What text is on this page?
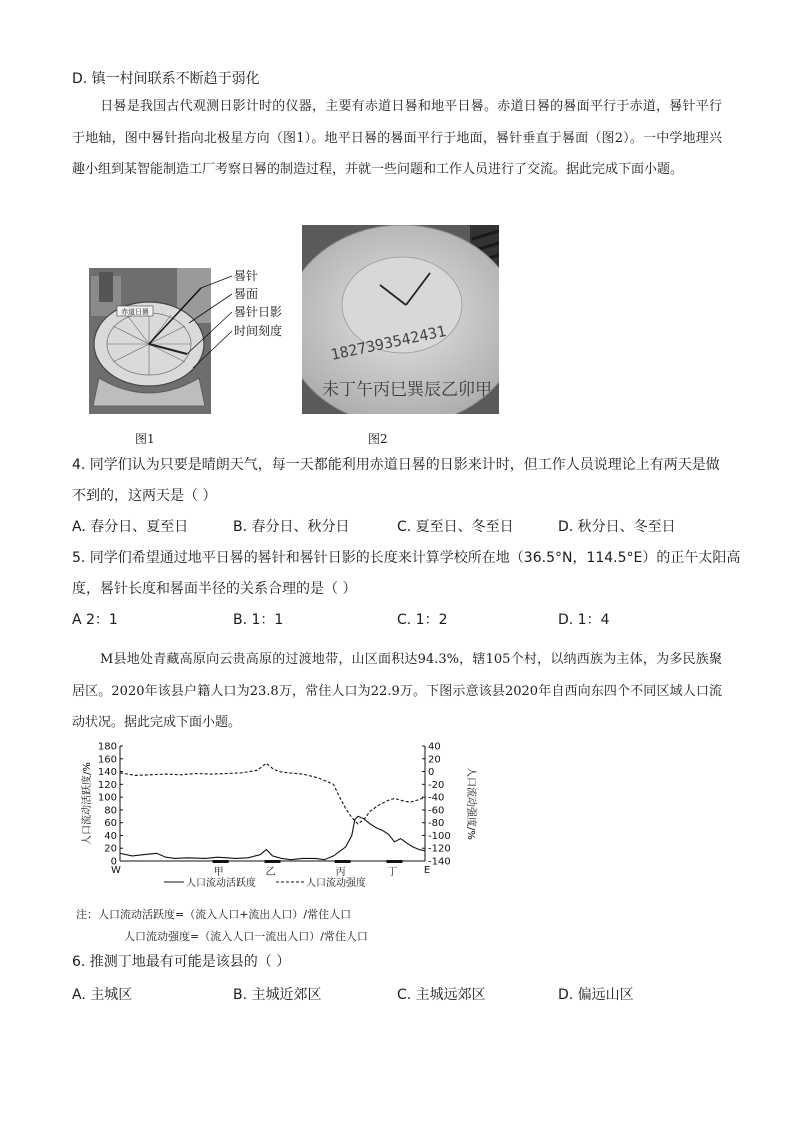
D. 镇一村间联系不断趋于弱化
日晷是我国古代观测日影计时的仪器，主要有赤道日晷和地平日晷。赤道日晷的晷面平行于赤道，晷针平行于地轴，图中晷针指向北极星方向（图1）。地平日晷的晷面平行于地面，晷针垂直于晷面（图2）。一中学地理兴趣小组到某智能制造工厂考察日晷的制造过程，并就一些问题和工作人员进行了交流。据此完成下面小题。
赤道日晷
晷针
晷面
晷针日影
时间刻度	1827393542431
未丁午丙巳巽辰乙卯甲
图1	图2
4. 同学们认为只要是晴朗天气，每一天都能利用赤道日晷的日影来计时，但工作人员说理论上有两天是做
不到的，这两天是（ ）
A. 春分日、夏至日	B. 春分日、秋分日	C. 夏至日、冬至日	D. 秋分日、冬至日
5. 同学们希望通过地平日晷的晷针和晷针日影的长度来计算学校所在地（36.5°N，114.5°E）的正午太阳高
度，晷针长度和晷面半径的关系合理的是（ ）
A 2：1	B. 1：1	C. 1：2	D. 1：4
M县地处青藏高原向云贵高原的过渡地带，山区面积达94.3%，辖105个村，以纳西族为主体，为多民族聚居区。2020年该县户籍人口为23.8万，常住人口为22.9万。下图示意该县2020年自西向东四个不同区域人口流动状况。据此完成下面小题。
180
160
140
120
100
80
60
40
20
0
40
20
0
-20
-40
-60
-80
-100
-120
-140
人口流动活跃度/%	人口流动强度/%
W	E
甲	乙	丙	丁
人口流动活跃度	人口流动强度
注：人口流动活跃度=（流入人口+流出人口）/常住人口
人口流动强度=（流入人口一流出人口）/常住人口
6. 推测丁地最有可能是该县的（ ）
A. 主城区	B. 主城近郊区	C. 主城远郊区	D. 偏远山区
